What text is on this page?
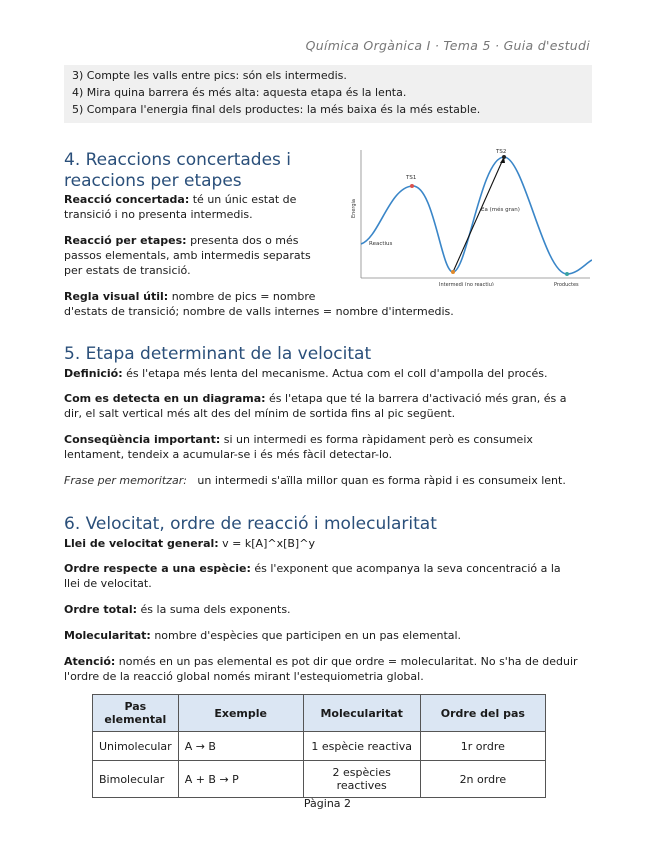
Química Orgànica I · Tema 5 · Guia d'estudi
3) Compte les valls entre pics: són els intermedis.
4) Mira quina barrera és més alta: aquesta etapa és la lenta.
5) Compara l'energia final dels productes: la més baixa és la més estable.
4. Reaccions concertades i
reaccions per etapes

Reacció concertada: té un únic estat de
transició i no presenta intermedis.

Reacció per etapes: presenta dos o més
passos elementals, amb intermedis separats
per estats de transició.

Regla visual útil: nombre de pics = nombre
d'estats de transició; nombre de valls internes = nombre d'intermedis.

Energia
Reactius
TS1
TS2
Ea (més gran)
Intermedi (no reactiu)	Productes
5. Etapa determinant de la velocitat

Definició: és l'etapa més lenta del mecanisme. Actua com el coll d'ampolla del procés.

Com es detecta en un diagrama: és l'etapa que té la barrera d'activació més gran, és a
dir, el salt vertical més alt des del mínim de sortida fins al pic següent.

Conseqüència important: si un intermedi es forma ràpidament però es consumeix
lentament, tendeix a acumular-se i és més fàcil detectar-lo.

Frase per memoritzar: un intermedi s'aïlla millor quan es forma ràpid i es consumeix lent.

6. Velocitat, ordre de reacció i molecularitat

Llei de velocitat general: v = k[A]^x[B]^y

Ordre respecte a una espècie: és l'exponent que acompanya la seva concentració a la
llei de velocitat.

Ordre total: és la suma dels exponents.

Molecularitat: nombre d'espècies que participen en un pas elemental.

Atenció: només en un pas elemental es pot dir que ordre = molecularitat. No s'ha de deduir
l'ordre de la reacció global només mirant l'estequiometria global.

Pas elemental	Exemple	Molecularitat	Ordre del pas
Unimolecular	A → B	1 espècie reactiva	1r ordre
Bimolecular	A + B → P	2 espècies reactives	2n ordre
Pàgina 2
